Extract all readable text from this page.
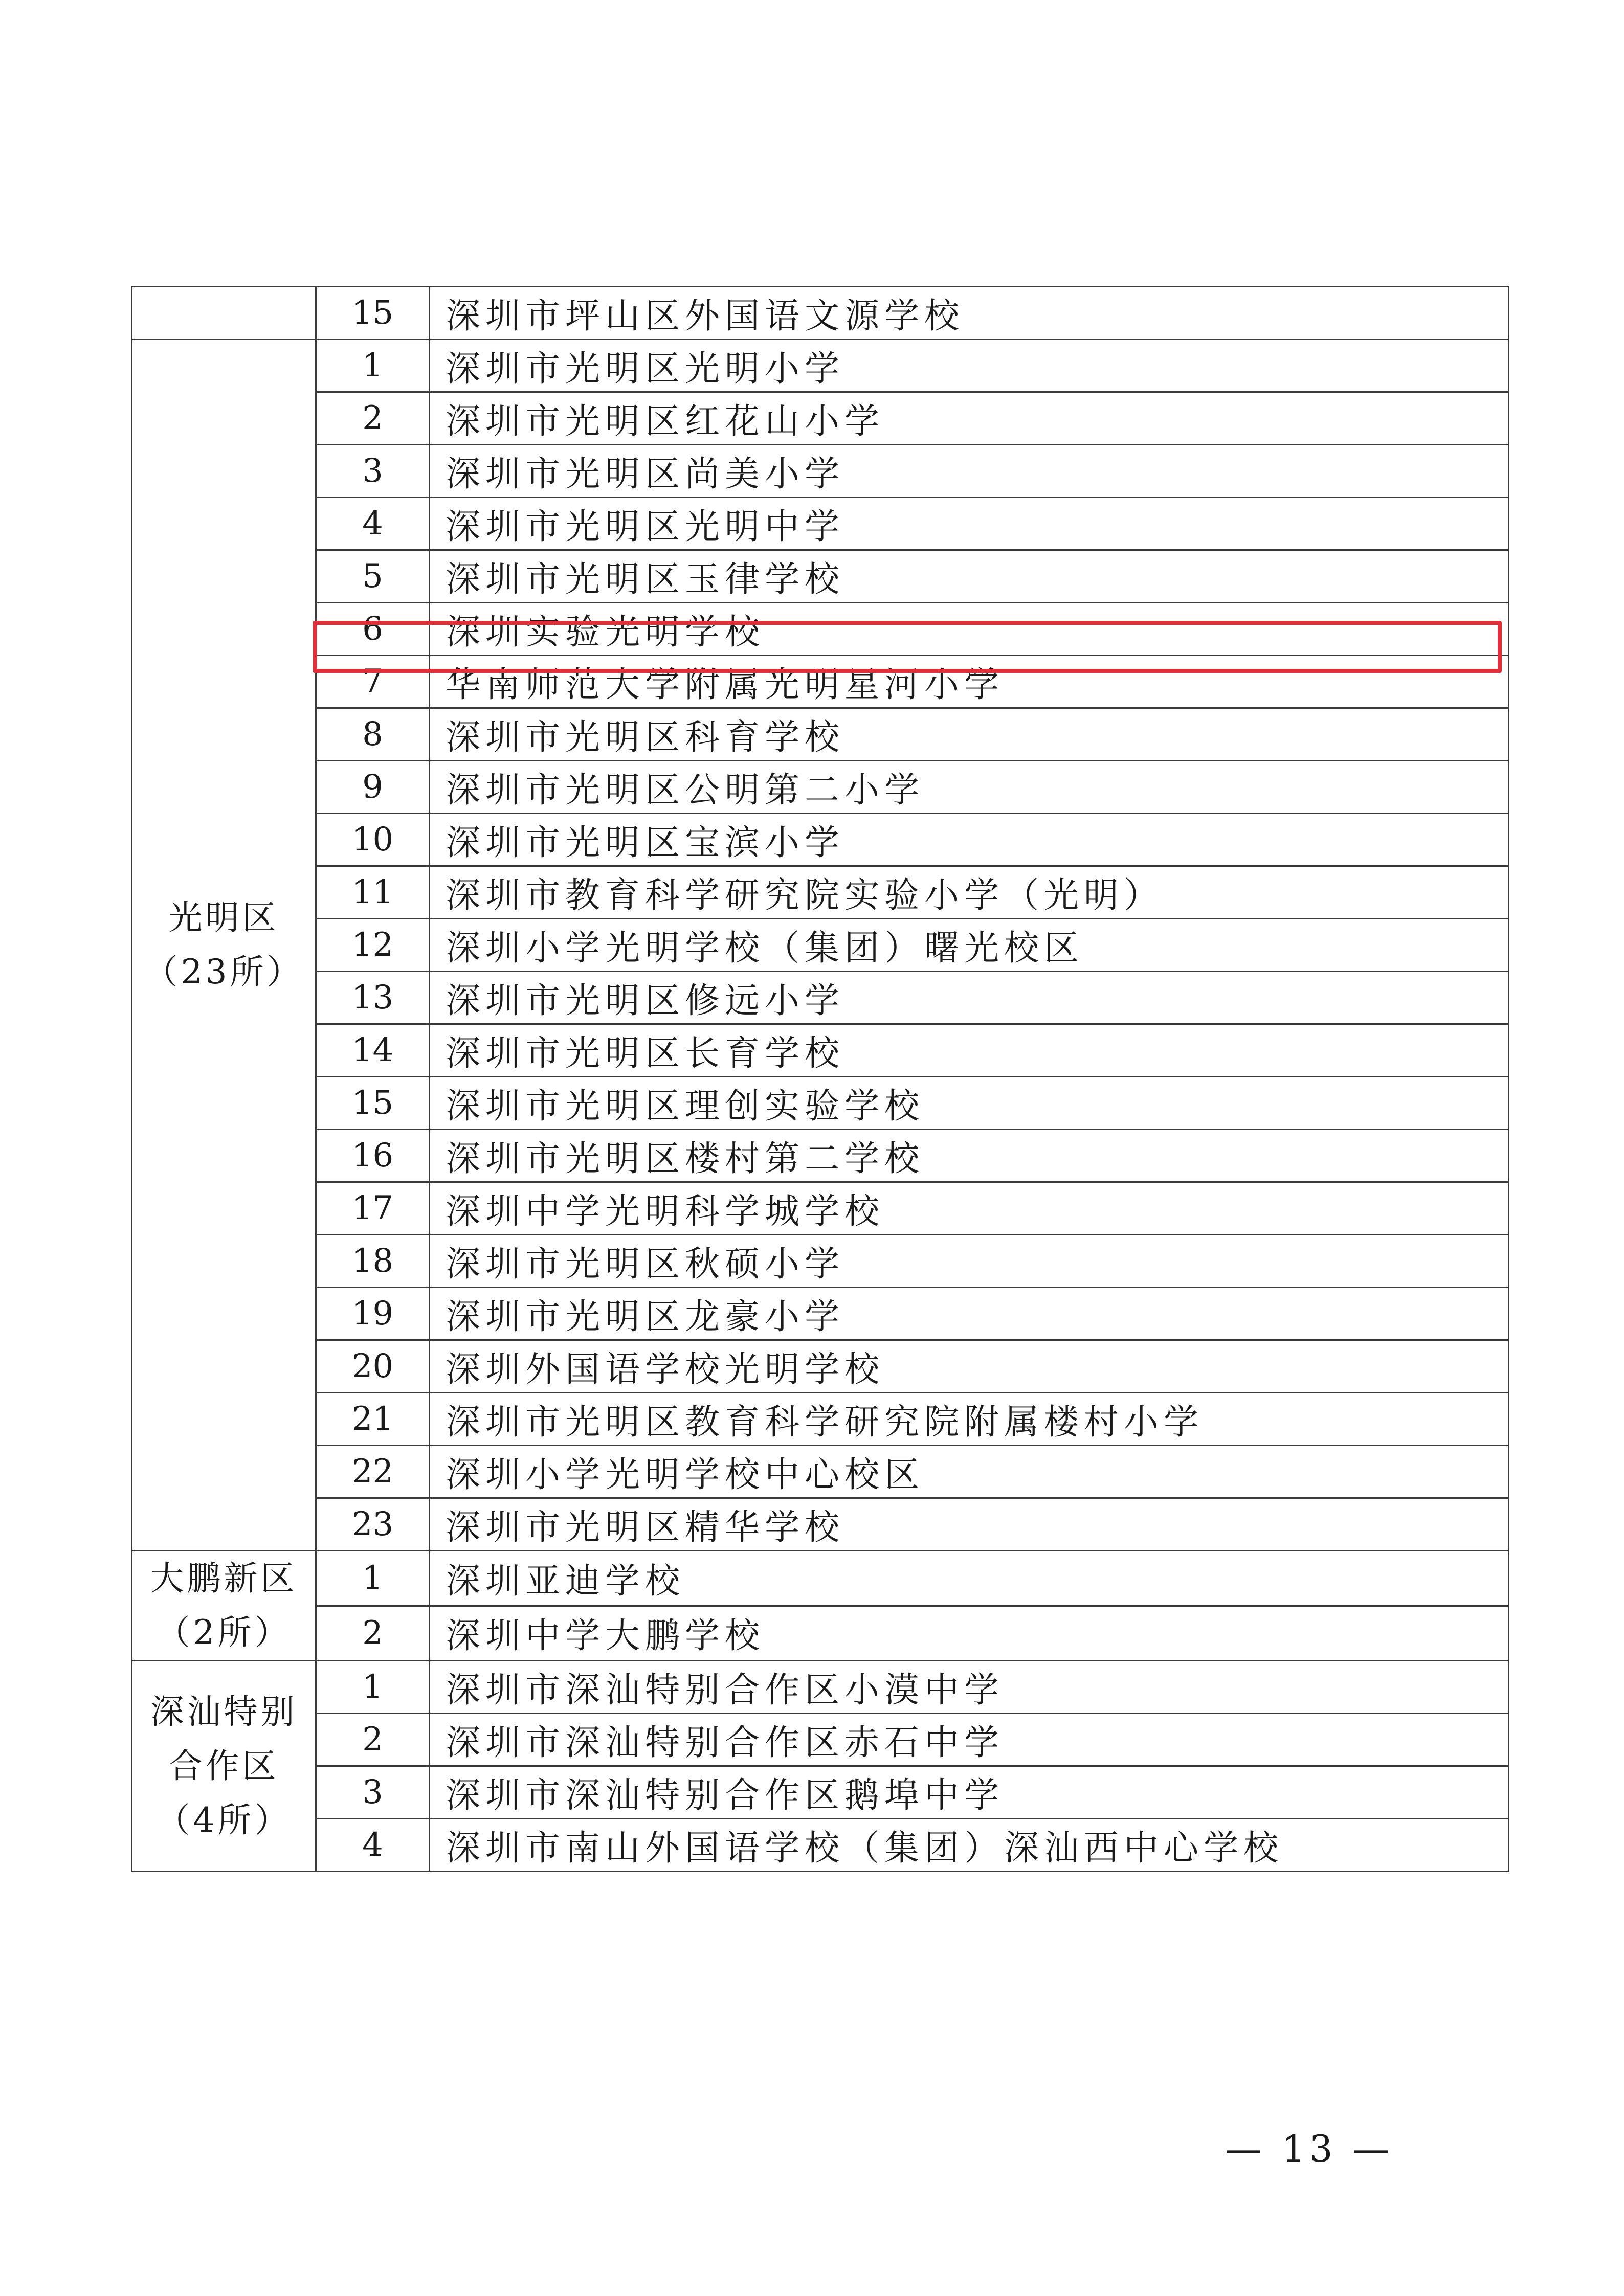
	15	深圳市坪山区外国语文源学校

光明区
（23所）	1	深圳市光明区光明小学
	2	深圳市光明区红花山小学
	3	深圳市光明区尚美小学
	4	深圳市光明区光明中学
	5	深圳市光明区玉律学校
	6	深圳实验光明学校
	7	华南师范大学附属光明星河小学
	8	深圳市光明区科育学校
	9	深圳市光明区公明第二小学
	10	深圳市光明区宝滨小学
	11	深圳市教育科学研究院实验小学（光明）
	12	深圳小学光明学校（集团）曙光校区
	13	深圳市光明区修远小学
	14	深圳市光明区长育学校
	15	深圳市光明区理创实验学校
	16	深圳市光明区楼村第二学校
	17	深圳中学光明科学城学校
	18	深圳市光明区秋硕小学
	19	深圳市光明区龙豪小学
	20	深圳外国语学校光明学校
	21	深圳市光明区教育科学研究院附属楼村小学
	22	深圳小学光明学校中心校区
	23	深圳市光明区精华学校

大鹏新区
（2所）	1	深圳亚迪学校
	2	深圳中学大鹏学校

深汕特别
合作区
（4所）	1	深圳市深汕特别合作区小漠中学
	2	深圳市深汕特别合作区赤石中学
	3	深圳市深汕特别合作区鹅埠中学
	4	深圳市南山外国语学校（集团）深汕西中心学校
— 13 —
